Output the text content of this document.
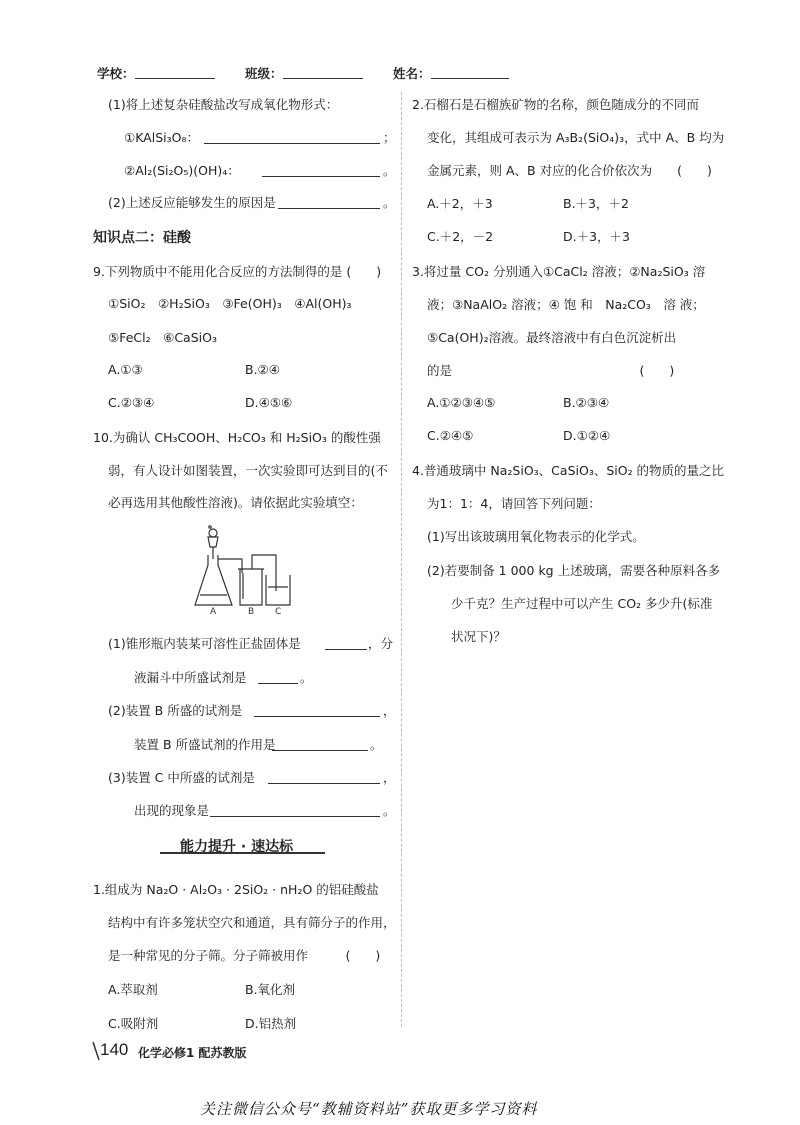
学校：	班级：	姓名：
(1)将上述复杂硅酸盐改写成氧化物形式：
①KAlSi₃O₈：	；
②Al₂(Si₂O₅)(OH)₄：	。
(2)上述反应能够发生的原因是	。
知识点二：硅酸
9.下列物质中不能用化合反应的方法制得的是 (　　)
①SiO₂　②H₂SiO₃　③Fe(OH)₃　④Al(OH)₃
⑤FeCl₂　⑥CaSiO₃
A.①③	B.②④
C.②③④	D.④⑤⑥
10.为确认 CH₃COOH、H₂CO₃ 和 H₂SiO₃ 的酸性强
弱，有人设计如图装置，一次实验即可达到目的(不
必再选用其他酸性溶液)。请依据此实验填空：
A	B C
(1)锥形瓶内装某可溶性正盐固体是	，分
液漏斗中所盛试剂是	。
(2)装置 B 所盛的试剂是	，
装置 B 所盛试剂的作用是	。
(3)装置 C 中所盛的试剂是	，
出现的现象是	。
能力提升 · 速达标
1.组成为 Na₂O · Al₂O₃ · 2SiO₂ · nH₂O 的铝硅酸盐
结构中有许多笼状空穴和通道，具有筛分子的作用，
是一种常见的分子筛。分子筛被用作　　　(　　)
A.萃取剂	B.氧化剂
C.吸附剂	D.铝热剂
2.石榴石是石榴族矿物的名称，颜色随成分的不同而
变化，其组成可表示为 A₃B₂(SiO₄)₃，式中 A、B 均为
金属元素，则 A、B 对应的化合价依次为　　(　　)
A.＋2，＋3	B.＋3，＋2
C.＋2，－2	D.＋3，＋3
3.将过量 CO₂ 分别通入①CaCl₂ 溶液；②Na₂SiO₃ 溶
液；③NaAlO₂ 溶液；④ 饱 和　Na₂CO₃　溶 液；
⑤Ca(OH)₂溶液。最终溶液中有白色沉淀析出
的是　　　　　　　　　　　　　　　(　　)
A.①②③④⑤	B.②③④
C.②④⑤	D.①②④
4.普通玻璃中 Na₂SiO₃、CaSiO₃、SiO₂ 的物质的量之比
为1：1：4，请回答下列问题：
(1)写出该玻璃用氧化物表示的化学式。
(2)若要制备 1 000 kg 上述玻璃，需要各种原料各多
少千克？生产过程中可以产生 CO₂ 多少升(标准
状况下)？
140 化学必修1 配苏教版
关注微信公众号“教辅资料站”获取更多学习资料
